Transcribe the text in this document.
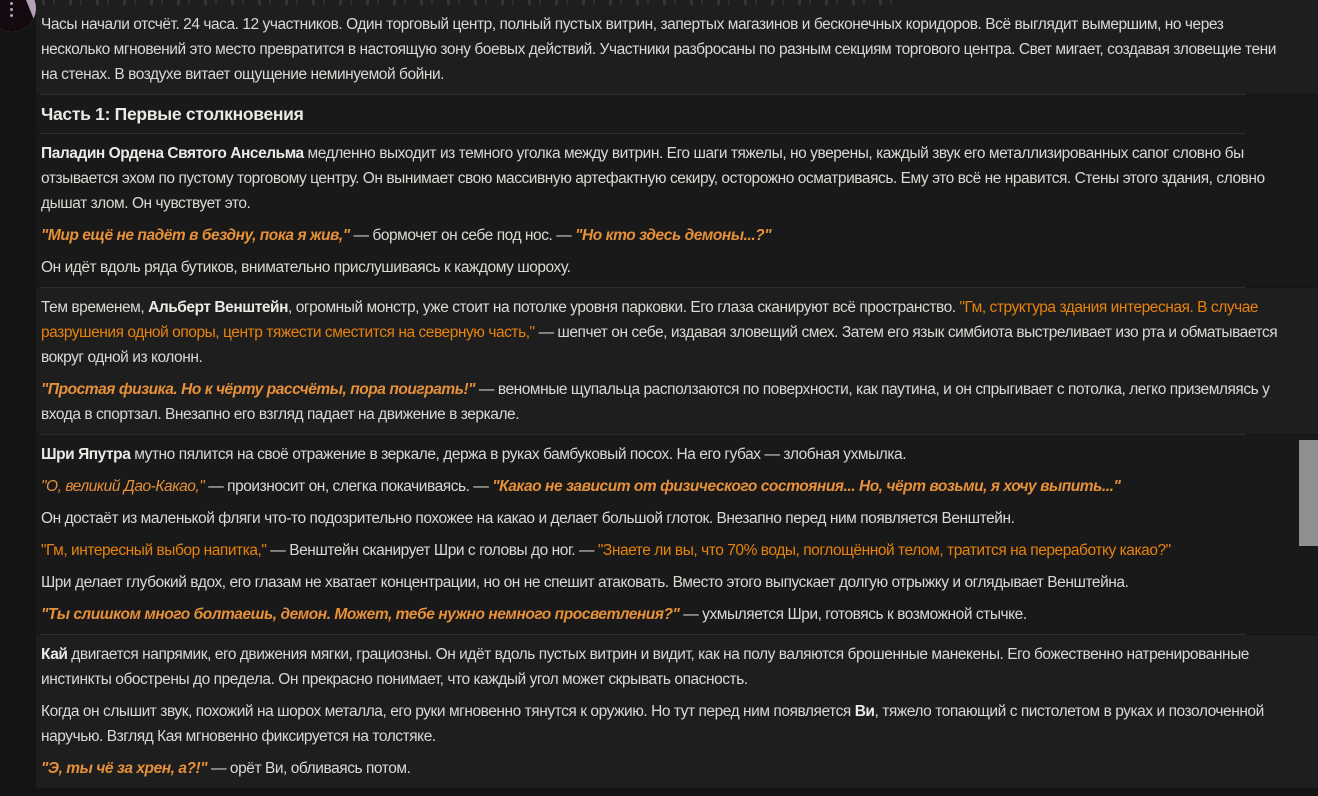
Часы начали отсчёт. 24 часа. 12 участников. Один торговый центр, полный пустых витрин, запертых магазинов и бесконечных коридоров. Всё выглядит вымершим, но через несколько мгновений это место превратится в настоящую зону боевых действий. Участники разбросаны по разным секциям торгового центра. Свет мигает, создавая зловещие тени на стенах. В воздухе витает ощущение неминуемой бойни.

Часть 1: Первые столкновения

Паладин Ордена Святого Ансельма медленно выходит из темного уголка между витрин. Его шаги тяжелы, но уверены, каждый звук его металлизированных сапог словно бы отзывается эхом по пустому торговому центру. Он вынимает свою массивную артефактную секиру, осторожно осматриваясь. Ему это всё не нравится. Стены этого здания, словно дышат злом. Он чувствует это.

"Мир ещё не падёт в бездну, пока я жив," — бормочет он себе под нос. — "Но кто здесь демоны...?"

Он идёт вдоль ряда бутиков, внимательно прислушиваясь к каждому шороху.

Тем временем, Альберт Венштейн, огромный монстр, уже стоит на потолке уровня парковки. Его глаза сканируют всё пространство. "Гм, структура здания интересная. В случае разрушения одной опоры, центр тяжести сместится на северную часть," — шепчет он себе, издавая зловещий смех. Затем его язык симбиота выстреливает изо рта и обматывается вокруг одной из колонн.

"Простая физика. Но к чёрту рассчёты, пора поиграть!" — веномные щупальца расползаются по поверхности, как паутина, и он спрыгивает с потолка, легко приземляясь у входа в спортзал. Внезапно его взгляд падает на движение в зеркале.

Шри Япутра мутно пялится на своё отражение в зеркале, держа в руках бамбуковый посох. На его губах — злобная ухмылка.

"О, великий Дао-Какао," — произносит он, слегка покачиваясь. — "Какао не зависит от физического состояния... Но, чёрт возьми, я хочу выпить..."

Он достаёт из маленькой фляги что-то подозрительно похожее на какао и делает большой глоток. Внезапно перед ним появляется Венштейн.

"Гм, интересный выбор напитка," — Венштейн сканирует Шри с головы до ног. — "Знаете ли вы, что 70% воды, поглощённой телом, тратится на переработку какао?"

Шри делает глубокий вдох, его глазам не хватает концентрации, но он не спешит атаковать. Вместо этого выпускает долгую отрыжку и оглядывает Венштейна.

"Ты слишком много болтаешь, демон. Может, тебе нужно немного просветления?" — ухмыляется Шри, готовясь к возможной стычке.

Кай двигается напрямик, его движения мягки, грациозны. Он идёт вдоль пустых витрин и видит, как на полу валяются брошенные манекены. Его божественно натренированные инстинкты обострены до предела. Он прекрасно понимает, что каждый угол может скрывать опасность.

Когда он слышит звук, похожий на шорох металла, его руки мгновенно тянутся к оружию. Но тут перед ним появляется Ви, тяжело топающий с пистолетом в руках и позолоченной наручью. Взгляд Кая мгновенно фиксируется на толстяке.

"Э, ты чё за хрен, а?!" — орёт Ви, обливаясь потом.
